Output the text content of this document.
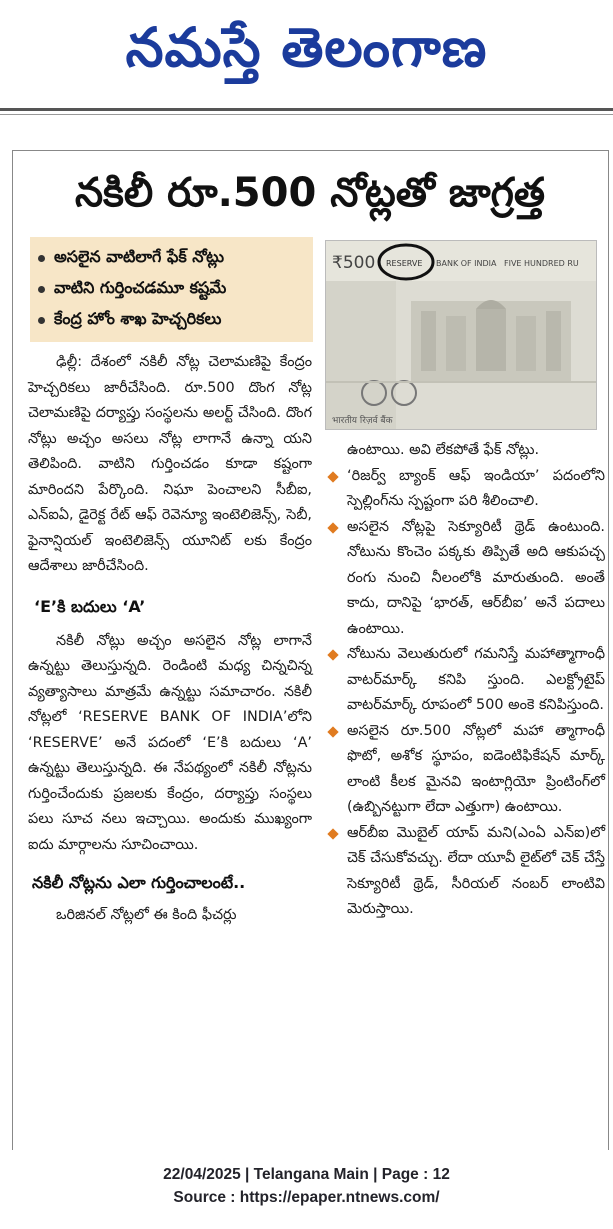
నమస్తే తెలంగాణ
నకిలీ రూ.500 నోట్లతో జాగ్రత్త
అసలైన వాటిలాగే ఫేక్ నోట్లు
వాటిని గుర్తించడమూ కష్టమే
కేంద్ర హోం శాఖ హెచ్చరికలు
₹500 RESERVE BANK OF INDIA FIVE HUNDRED RU
भारतीय रिज़र्व बैंक

ఢిల్లీ: దేశంలో నకిలీ నోట్ల చెలామణిపై కేంద్రం హెచ్చరికలు జారీచేసింది. రూ.500 దొంగ నోట్ల చెలామణిపై దర్యాప్తు సంస్థలను అలర్ట్ చేసింది. దొంగ నోట్లు అచ్చం అసలు నోట్ల లాగానే ఉన్నా యని తెలిపింది. వాటిని గుర్తించడం కూడా కష్టంగా మారిందని పేర్కొంది. నిఘా పెంచాలని సీబీఐ, ఎన్ఐఏ, డైరెక్ట రేట్ ఆఫ్ రెవెన్యూ ఇంటెలిజెన్స్, సెబీ, ఫైనాన్షియల్ ఇంటెలిజెన్స్ యూనిట్ లకు కేంద్రం ఆదేశాలు జారీచేసింది.

‘E’కి బదులు ‘A’

నకిలీ నోట్లు అచ్చం అసలైన నోట్ల లాగానే ఉన్నట్టు తెలుస్తున్నది. రెండింటి మధ్య చిన్నచిన్న వ్యత్యాసాలు మాత్రమే ఉన్నట్టు సమాచారం. నకిలీ నోట్లలో ‘RESERVE BANK OF INDIA’లోని ‘RESERVE’ అనే పదంలో ‘E’కి బదులు ‘A’ ఉన్నట్టు తెలుస్తున్నది. ఈ నేపథ్యంలో నకిలీ నోట్లను గుర్తించేందుకు ప్రజలకు కేంద్రం, దర్యాప్తు సంస్థలు పలు సూచ నలు ఇచ్చాయి. అందుకు ముఖ్యంగా ఐదు మార్గాలను సూచించాయి.

నకిలీ నోట్లను ఎలా గుర్తించాలంటే..

ఒరిజినల్ నోట్లలో ఈ కింది ఫీచర్లు

ఉంటాయి. అవి లేకపోతే ఫేక్ నోట్లు.

‘రిజర్వ్ బ్యాంక్ ఆఫ్ ఇండియా’ పదంలోని స్పెల్లింగ్‌ను స్పష్టంగా పరి శీలించాలి.

అసలైన నోట్లపై సెక్యూరిటీ థ్రెడ్ ఉంటుంది. నోటును కొంచెం పక్కకు తిప్పితే అది ఆకుపచ్చ రంగు నుంచి నీలంలోకి మారుతుంది. అంతే కాదు, దానిపై ‘భారత్, ఆర్‌బీఐ’ అనే పదాలు ఉంటాయి.

నోటును వెలుతురులో గమనిస్తే మహాత్మాగాంధీ వాటర్‌మార్క్ కనిపి స్తుంది. ఎలక్ట్రోటైప్ వాటర్‌మార్క్ రూపంలో 500 అంకె కనిపిస్తుంది.

అసలైన రూ.500 నోట్లలో మహా త్మాగాంధీ ఫొటో, అశోక స్థూపం, ఐడెంటిఫికేషన్ మార్క్ లాంటి కీలక మైనవి ఇంటాగ్లియో ప్రింటింగ్‌లో (ఉబ్బినట్టుగా లేదా ఎత్తుగా) ఉంటాయి.

ఆర్‌బీఐ మొబైల్ యాప్ మని(ఎంఏ ఎన్ఐ)లో చెక్ చేసుకోవచ్చు. లేదా యూవీ లైట్‌లో చెక్ చేస్తే సెక్యూరిటీ థ్రెడ్, సీరియల్ నంబర్ లాంటివి మెరుస్తాయి.

22/04/2025 | Telangana Main | Page : 12
Source : https://epaper.ntnews.com/
